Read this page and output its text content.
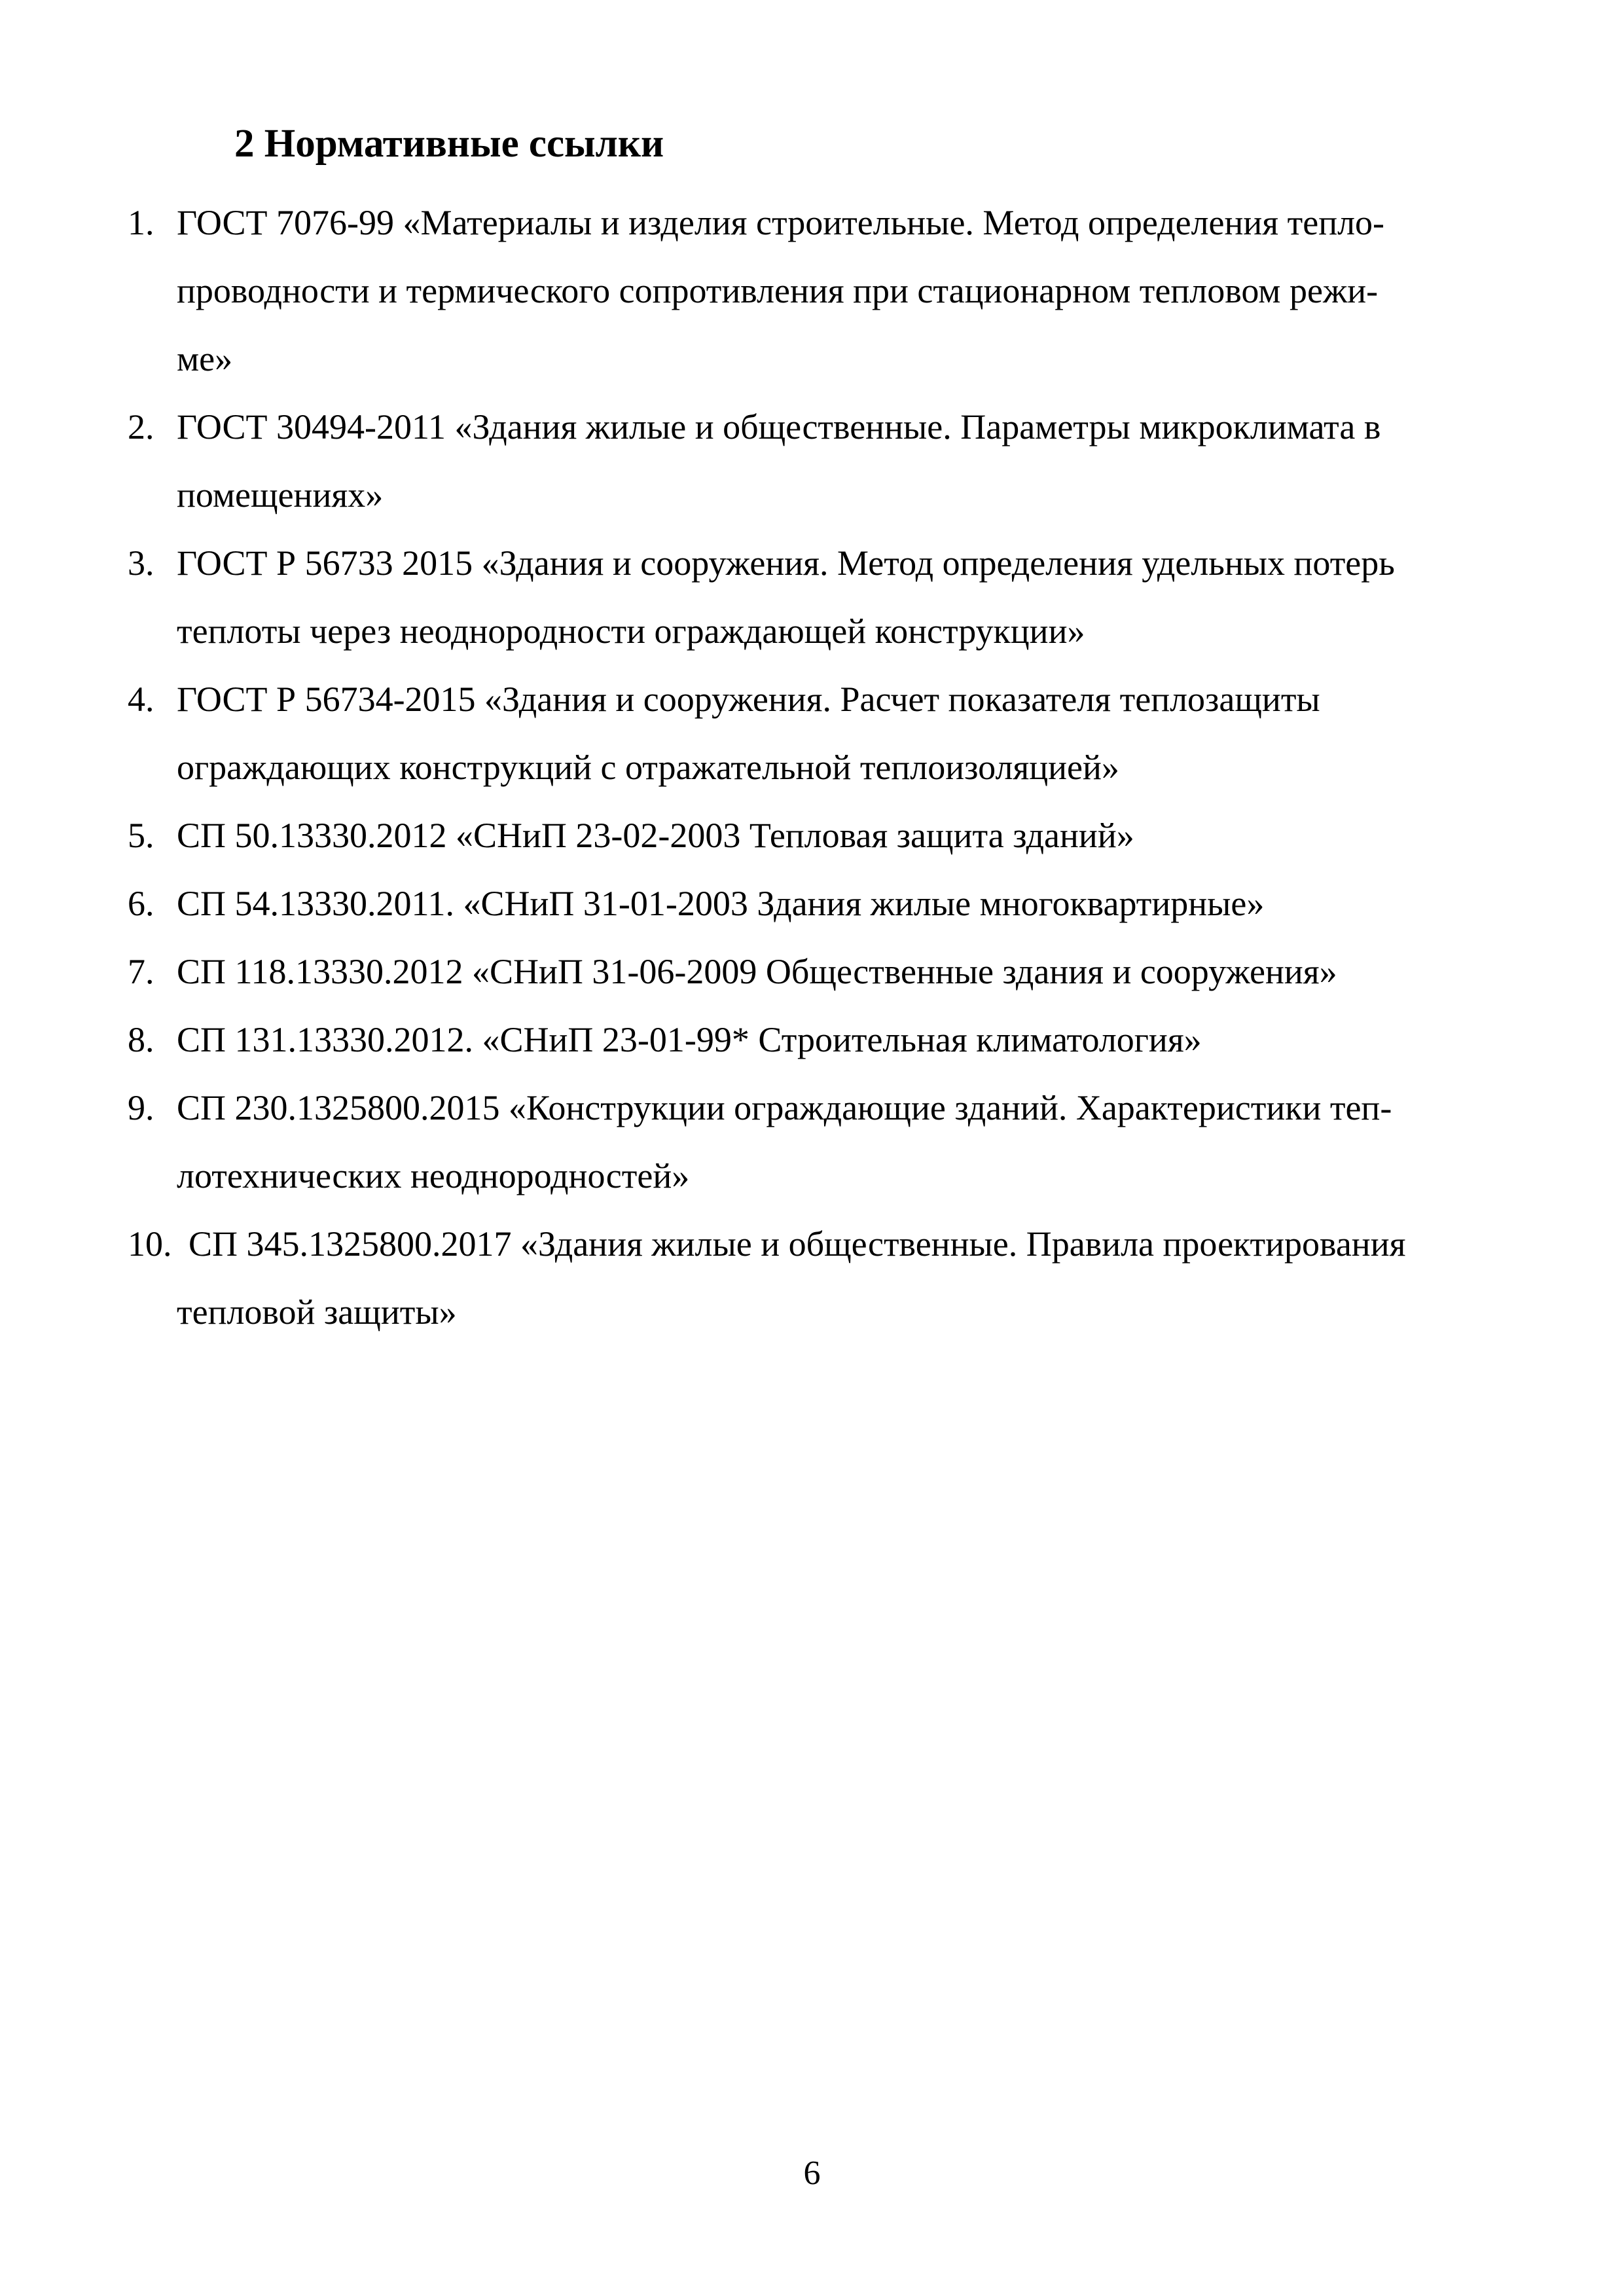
2 Нормативные ссылки
1. ГОСТ 7076-99 «Материалы и изделия строительные. Метод определения тепло-
проводности и термического сопротивления при стационарном тепловом режи-
ме»
2. ГОСТ 30494-2011 «Здания жилые и общественные. Параметры микроклимата в
помещениях»
3. ГОСТ Р 56733 2015 «Здания и сооружения. Метод определения удельных потерь
теплоты через неоднородности ограждающей конструкции»
4. ГОСТ Р 56734-2015 «Здания и сооружения. Расчет показателя теплозащиты
ограждающих конструкций с отражательной теплоизоляцией»
5. СП 50.13330.2012 «СНиП 23-02-2003 Тепловая защита зданий»
6. СП 54.13330.2011. «СНиП 31-01-2003 Здания жилые многоквартирные»
7. СП 118.13330.2012 «СНиП 31-06-2009 Общественные здания и сооружения»
8. СП 131.13330.2012. «СНиП 23-01-99* Строительная климатология»
9. СП 230.1325800.2015 «Конструкции ограждающие зданий. Характеристики теп-
лотехнических неоднородностей»
10. СП 345.1325800.2017 «Здания жилые и общественные. Правила проектирования
тепловой защиты»
6
